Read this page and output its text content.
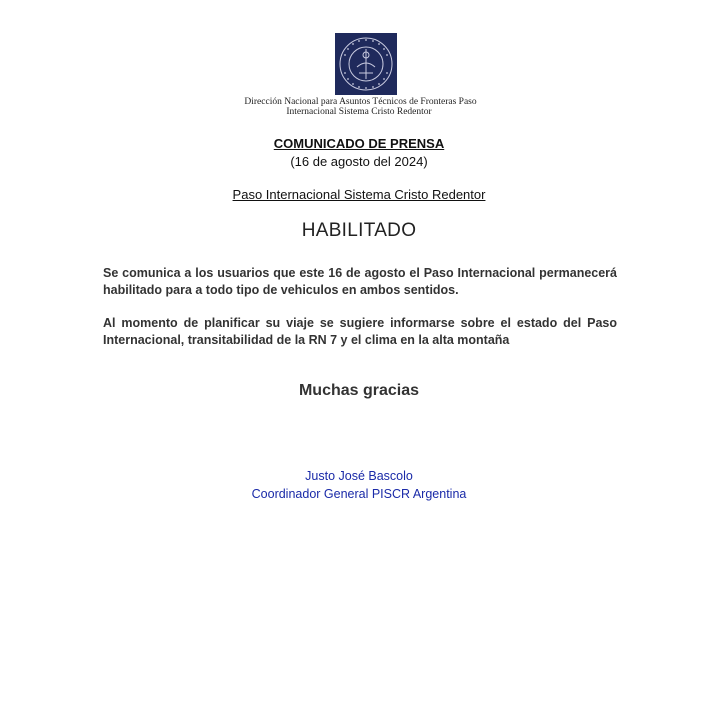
Dirección Nacional para Asuntos Técnicos de Fronteras Paso
Internacional Sistema Cristo Redentor
COMUNICADO DE PRENSA
(16 de agosto del 2024)
Paso Internacional Sistema Cristo Redentor
HABILITADO
Se comunica a los usuarios que este 16 de agosto el Paso Internacional permanecerá habilitado para a todo tipo de vehiculos en ambos sentidos.
Al momento de planificar su viaje se sugiere informarse sobre el estado del Paso Internacional, transitabilidad de la RN 7 y el clima en la alta montaña
Muchas gracias
Justo José Bascolo
Coordinador General PISCR Argentina
